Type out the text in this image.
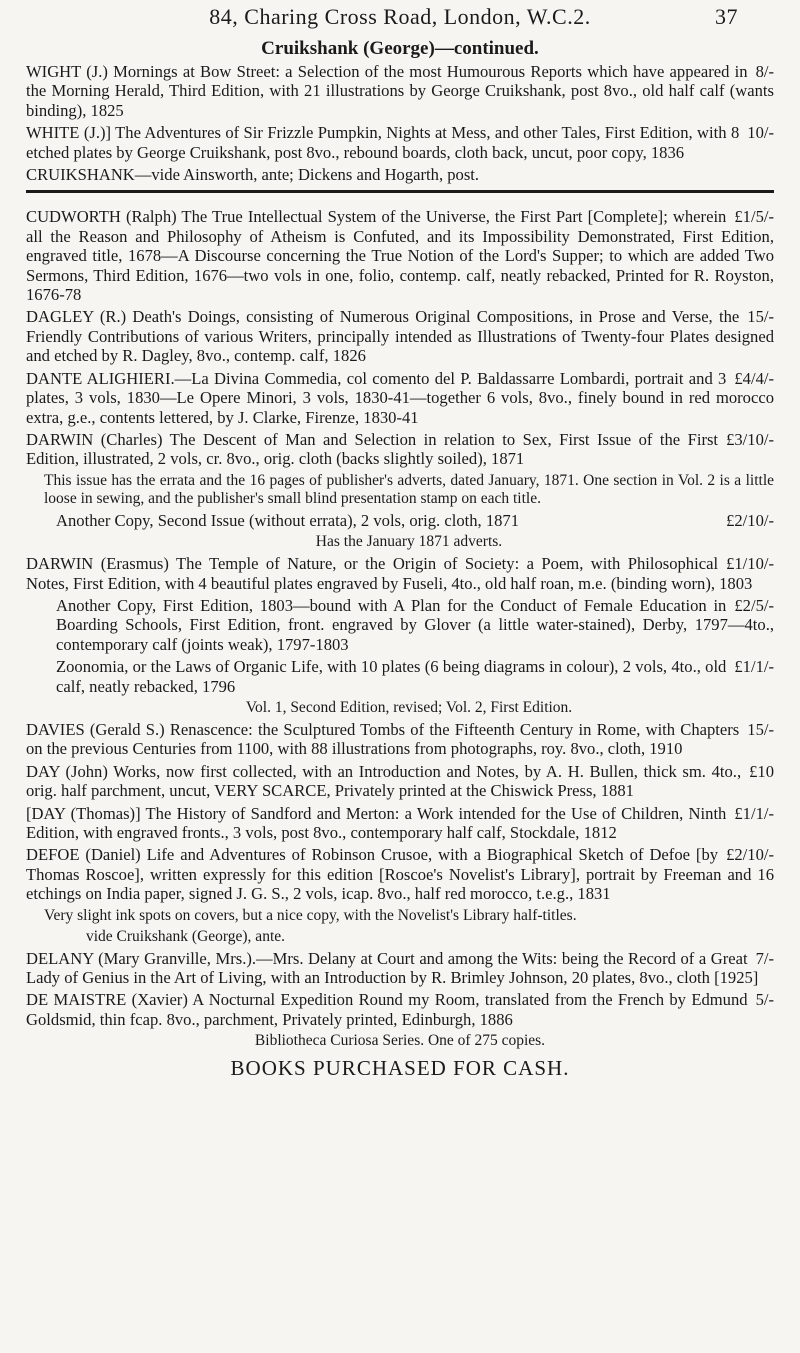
84, Charing Cross Road, London, W.C.2.	37
Cruikshank (George)—continued.

8/-
WIGHT (J.) Mornings at Bow Street: a Selection of the most Humourous Reports which have appeared in the Morning Herald, Third Edition, with 21 illustrations by George Cruikshank, post 8vo., old half calf (wants binding), 1825

10/-
WHITE (J.)] The Adventures of Sir Frizzle Pumpkin, Nights at Mess, and other Tales, First Edition, with 8 etched plates by George Cruikshank, post 8vo., rebound boards, cloth back, uncut, poor copy, 1836

CRUIKSHANK—vide Ainsworth, ante; Dickens and Hogarth, post.

£1/5/-
CUDWORTH (Ralph) The True Intellectual System of the Universe, the First Part [Complete]; wherein all the Reason and Philosophy of Atheism is Confuted, and its Impossibility Demonstrated, First Edition, engraved title, 1678—A Discourse concerning the True Notion of the Lord's Supper; to which are added Two Sermons, Third Edition, 1676—two vols in one, folio, contemp. calf, neatly rebacked, Printed for R. Royston, 1676-78

15/-
DAGLEY (R.) Death's Doings, consisting of Numerous Original Compositions, in Prose and Verse, the Friendly Contributions of various Writers, principally intended as Illustrations of Twenty-four Plates designed and etched by R. Dagley, 8vo., contemp. calf, 1826

£4/4/-
DANTE ALIGHIERI.—La Divina Commedia, col comento del P. Baldassarre Lombardi, portrait and 3 plates, 3 vols, 1830—Le Opere Minori, 3 vols, 1830-41—together 6 vols, 8vo., finely bound in red morocco extra, g.e., contents lettered, by J. Clarke, Firenze, 1830-41

£3/10/-
DARWIN (Charles) The Descent of Man and Selection in relation to Sex, First Issue of the First Edition, illustrated, 2 vols, cr. 8vo., orig. cloth (backs slightly soiled), 1871

This issue has the errata and the 16 pages of publisher's adverts, dated January, 1871. One section in Vol. 2 is a little loose in sewing, and the publisher's small blind presentation stamp on each title.

£2/10/-
Another Copy, Second Issue (without errata), 2 vols, orig. cloth, 1871

Has the January 1871 adverts.

£1/10/-
DARWIN (Erasmus) The Temple of Nature, or the Origin of Society: a Poem, with Philosophical Notes, First Edition, with 4 beautiful plates engraved by Fuseli, 4to., old half roan, m.e. (binding worn), 1803

£2/5/-
Another Copy, First Edition, 1803—bound with A Plan for the Conduct of Female Education in Boarding Schools, First Edition, front. engraved by Glover (a little water-stained), Derby, 1797—4to., contemporary calf (joints weak), 1797-1803

£1/1/-
Zoonomia, or the Laws of Organic Life, with 10 plates (6 being diagrams in colour), 2 vols, 4to., old calf, neatly rebacked, 1796

Vol. 1, Second Edition, revised; Vol. 2, First Edition.

15/-
DAVIES (Gerald S.) Renascence: the Sculptured Tombs of the Fifteenth Century in Rome, with Chapters on the previous Centuries from 1100, with 88 illustrations from photographs, roy. 8vo., cloth, 1910

£10
DAY (John) Works, now first collected, with an Introduction and Notes, by A. H. Bullen, thick sm. 4to., orig. half parchment, uncut, VERY SCARCE, Privately printed at the Chiswick Press, 1881

£1/1/-
[DAY (Thomas)] The History of Sandford and Merton: a Work intended for the Use of Children, Ninth Edition, with engraved fronts., 3 vols, post 8vo., contemporary half calf, Stockdale, 1812

£2/10/-
DEFOE (Daniel) Life and Adventures of Robinson Crusoe, with a Biographical Sketch of Defoe [by Thomas Roscoe], written expressly for this edition [Roscoe's Novelist's Library], portrait by Freeman and 16 etchings on India paper, signed J. G. S., 2 vols, icap. 8vo., half red morocco, t.e.g., 1831

Very slight ink spots on covers, but a nice copy, with the Novelist's Library half-titles.

vide Cruikshank (George), ante.

7/-
DELANY (Mary Granville, Mrs.).—Mrs. Delany at Court and among the Wits: being the Record of a Great Lady of Genius in the Art of Living, with an Introduction by R. Brimley Johnson, 20 plates, 8vo., cloth [1925]

5/-
DE MAISTRE (Xavier) A Nocturnal Expedition Round my Room, translated from the French by Edmund Goldsmid, thin fcap. 8vo., parchment, Privately printed, Edinburgh, 1886

Bibliotheca Curiosa Series. One of 275 copies.

BOOKS PURCHASED FOR CASH.
